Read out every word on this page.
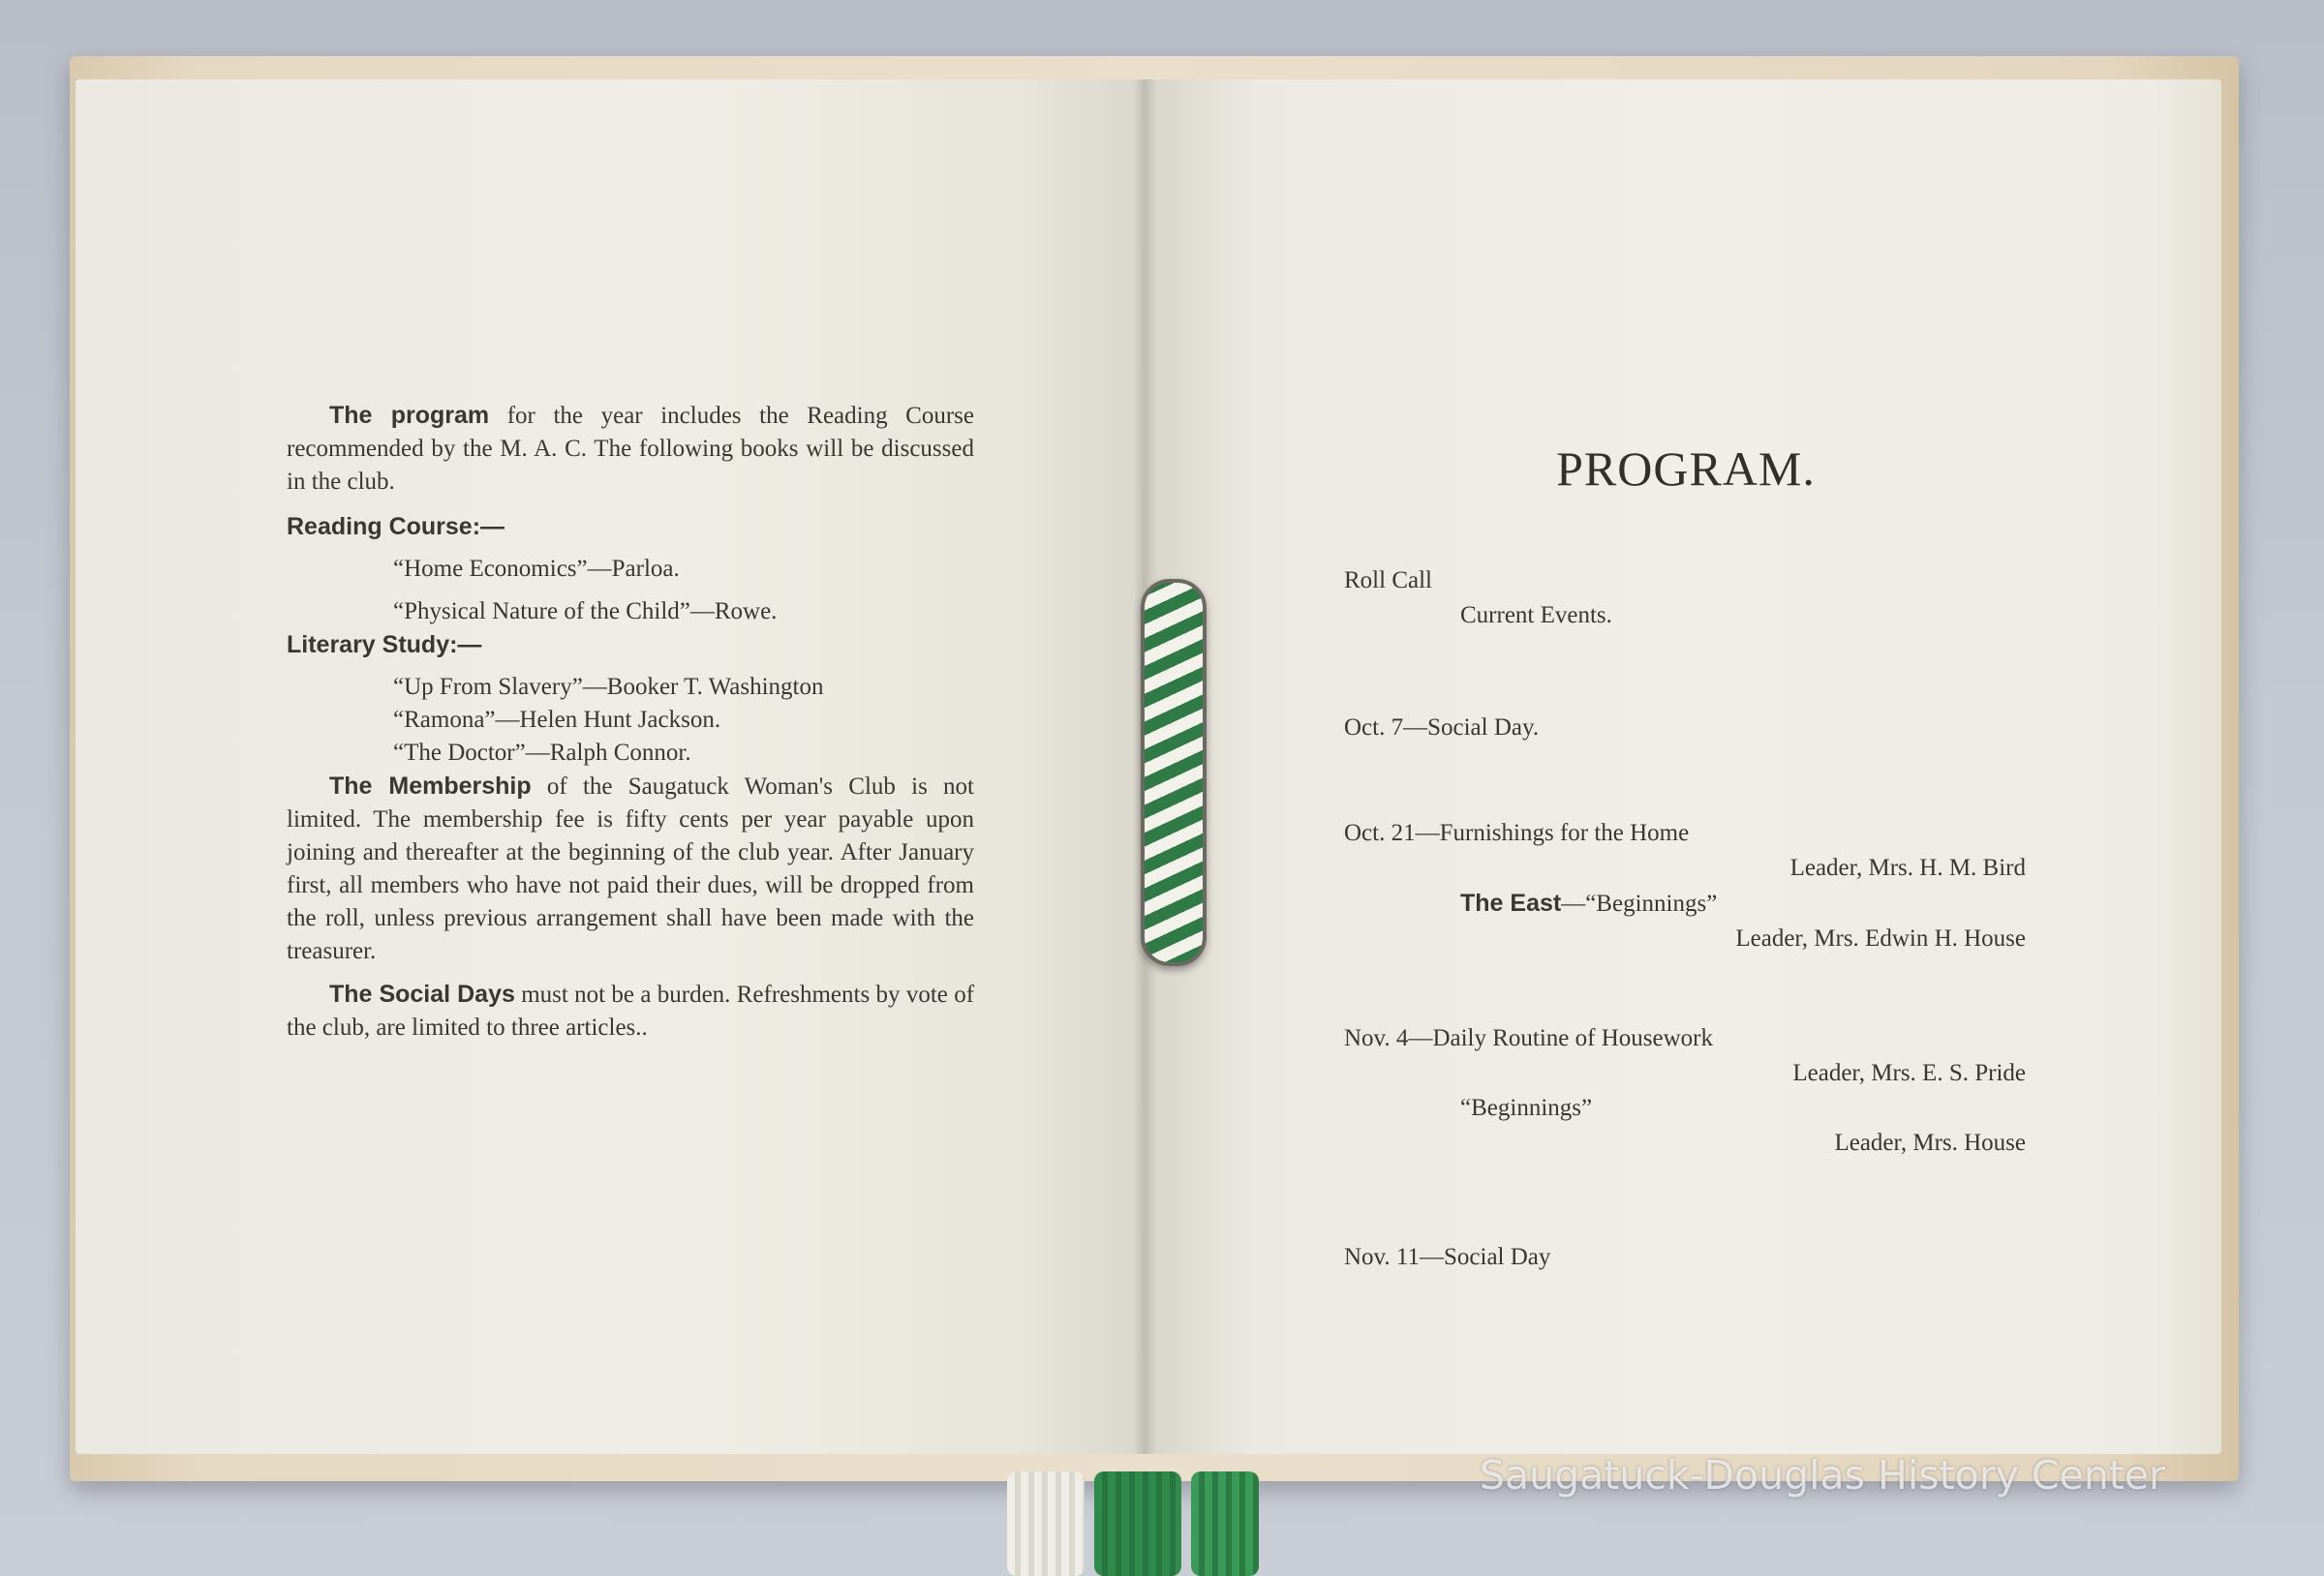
The program for the year includes the Reading Course recommended by the M. A. C. The following books will be discussed in the club.

Reading Course:—

“Home Economics”—Parloa.
“Physical Nature of the Child”—Rowe.

Literary Study:—

“Up From Slavery”—Booker T. Washington
“Ramona”—Helen Hunt Jackson.
“The Doctor”—Ralph Connor.

The Membership of the Saugatuck Woman's Club is not limited. The membership fee is fifty cents per year payable upon joining and thereafter at the beginning of the club year. After January first, all members who have not paid their dues, will be dropped from the roll, unless previous arrangement shall have been made with the treasurer.

The Social Days must not be a burden. Refreshments by vote of the club, are limited to three articles..

PROGRAM.
Roll Call
Current Events.
Oct. 7—Social Day.
Oct. 21—Furnishings for the Home
Leader, Mrs. H. M. Bird
The East—“Beginnings”
Leader, Mrs. Edwin H. House
Nov. 4—Daily Routine of Housework
Leader, Mrs. E. S. Pride
“Beginnings”
Leader, Mrs. House
Nov. 11—Social Day
Saugatuck-Douglas History Center
